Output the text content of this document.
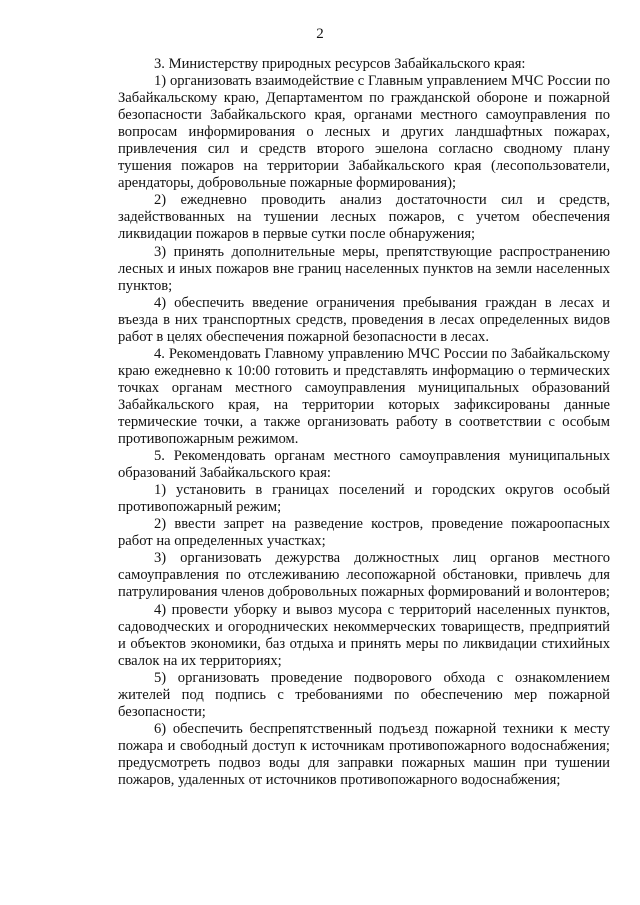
2

3. Министерству природных ресурсов Забайкальского края:

1) организовать взаимодействие с Главным управлением МЧС России по Забайкальскому краю, Департаментом по гражданской обороне и пожарной безопасности Забайкальского края, органами местного самоуправления по вопросам информирования о лесных и других ландшафтных пожарах, привлечения сил и средств второго эшелона согласно сводному плану тушения пожаров на территории Забайкальского края (лесопользователи, арендаторы, добровольные пожарные формирования);

2) ежедневно проводить анализ достаточности сил и средств, задействованных на тушении лесных пожаров, с учетом обеспечения ликвидации пожаров в первые сутки после обнаружения;

3) принять дополнительные меры, препятствующие распространению лесных и иных пожаров вне границ населенных пунктов на земли населенных пунктов;

4) обеспечить введение ограничения пребывания граждан в лесах и въезда в них транспортных средств, проведения в лесах определенных видов работ в целях обеспечения пожарной безопасности в лесах.

4. Рекомендовать Главному управлению МЧС России по Забайкальскому краю ежедневно к 10:00 готовить и представлять информацию о термических точках органам местного самоуправления муниципальных образований Забайкальского края, на территории которых зафиксированы данные термические точки, а также организовать работу в соответствии с особым противопожарным режимом.

5. Рекомендовать органам местного самоуправления муниципальных образований Забайкальского края:

1) установить в границах поселений и городских округов особый противопожарный режим;

2) ввести запрет на разведение костров, проведение пожароопасных работ на определенных участках;

3) организовать дежурства должностных лиц органов местного самоуправления по отслеживанию лесопожарной обстановки, привлечь для патрулирования членов добровольных пожарных формирований и волонтеров;

4) провести уборку и вывоз мусора с территорий населенных пунктов, садоводческих и огороднических некоммерческих товариществ, предприятий и объектов экономики, баз отдыха и принять меры по ликвидации стихийных свалок на их территориях;

5) организовать проведение подворового обхода с ознакомлением жителей под подпись с требованиями по обеспечению мер пожарной безопасности;

6) обеспечить беспрепятственный подъезд пожарной техники к месту пожара и свободный доступ к источникам противопожарного водоснабжения; предусмотреть подвоз воды для заправки пожарных машин при тушении пожаров, удаленных от источников противопожарного водоснабжения;
